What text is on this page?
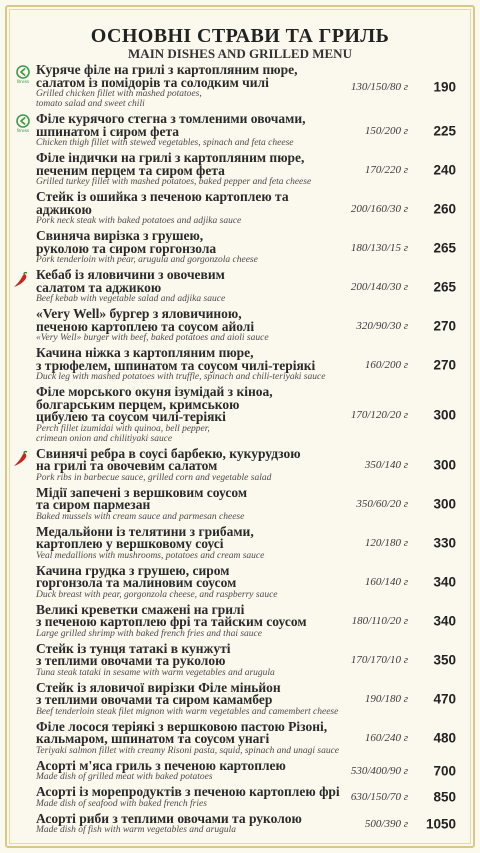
ОСНОВНІ СТРАВИ ТА ГРИЛЬ
MAIN DISHES AND GRILLED MENU
fitness
Куряче філе на грилі з картопляним пюре,
салатом із помідорів та солодким чилі
Grilled chicken fillet with mashed potatoes,
tomato salad and sweet chili
130/150/80 г	190
fitness
Філе курячого стегна з томленими овочами,
шпинатом і сиром фета
Chicken thigh fillet with stewed vegetables, spinach and feta cheese
150/200 г	225
Філе індички на грилі з картопляним пюре,
печеним перцем та сиром фета
Grilled turkey fillet with mashed potatoes, baked pepper and feta cheese
170/220 г	240
Стейк із ошийка з печеною картоплею та аджикою
Pork neck steak with baked potatoes and adjika sauce
200/160/30 г	260
Свиняча вирізка з грушею,
руколою та сиром горгонзола
Pork tenderloin with pear, arugula and gorgonzola cheese
180/130/15 г	265
Кебаб із яловичини з овочевим
салатом та аджикою
Beef kebab with vegetable salad and adjika sauce
200/140/30 г	265
«Very Well» бургер з яловичиною,
печеною картоплею та соусом айолі
«Very Well» burger with beef, baked potatoes and aioli sauce
320/90/30 г	270
Качина ніжка з картопляним пюре,
з трюфелем, шпинатом та соусом чилі-теріякі
Duck leg with mashed potatoes with truffle, spinach and chili-teriyaki sauce
160/200 г	270
Філе морського окуня ізумідай з кіноа,
болгарським перцем, кримською
цибулею та соусом чилі-теріякі
Perch fillet izumidai with quinoa, bell pepper,
crimean onion and chilitiyaki sauce
170/120/20 г	300
Свинячі ребра в соусі барбекю, кукурудзою
на грилі та овочевим салатом
Pork ribs in barbecue sauce, grilled corn and vegetable salad
350/140 г	300
Мідії запечені з вершковим соусом
та сиром пармезан
Baked mussels with cream sauce and parmesan cheese
350/60/20 г	300
Медальйони із телятини з грибами,
картоплею у вершковому соусі
Veal medallions with mushrooms, potatoes and cream sauce
120/180 г	330
Качина грудка з грушею, сиром
горгонзола та малиновим соусом
Duck breast with pear, gorgonzola cheese, and raspberry sauce
160/140 г	340
Великі креветки смажені на грилі
з печеною картоплею фрі та тайским соусом
Large grilled shrimp with baked french fries and thai sauce
180/110/20 г	340
Стейк із тунця татакі в кунжуті
з теплими овочами та руколою
Tuna steak tataki in sesame with warm vegetables and arugula
170/170/10 г	350
Стейк із яловичої вирізки Філе міньйон
з теплими овочами та сиром камамбер
Beef tenderloin steak filet mignon with warm vegetables and camembert cheese
190/180 г	470
Філе лосося теріякі з вершковою пастою Різоні,
кальмаром, шпинатом та соусом унагі
Teriyaki salmon fillet with creamy Risoni pasta, squid, spinach and unagi sauce
160/240 г	480
Асорті м'яса гриль з печеною картоплею
Made dish of grilled meat with baked potatoes
530/400/90 г	700
Асорті із морепродуктів з печеною картоплею фрі
Made dish of seafood with baked french fries
630/150/70 г	850
Асорті риби з теплими овочами та руколою
Made dish of fish with warm vegetables and arugula
500/390 г	1050
